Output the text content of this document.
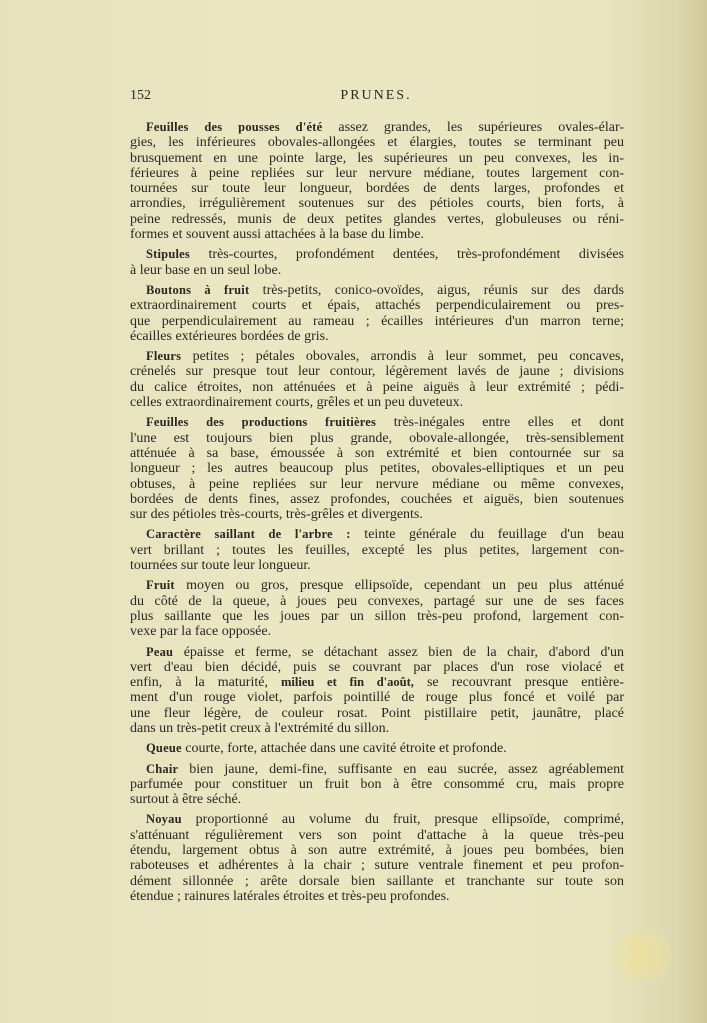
152	PRUNES.
Feuilles des pousses d'été assez grandes, les supérieures ovales-élar-
gies, les inférieures obovales-allongées et élargies, toutes se terminant peu
brusquement en une pointe large, les supérieures un peu convexes, les in-
férieures à peine repliées sur leur nervure médiane, toutes largement con-
tournées sur toute leur longueur, bordées de dents larges, profondes et
arrondies, irrégulièrement soutenues sur des pétioles courts, bien forts, à
peine redressés, munis de deux petites glandes vertes, globuleuses ou réni-
formes et souvent aussi attachées à la base du limbe.
Stipules très-courtes, profondément dentées, très-profondément divisées
à leur base en un seul lobe.
Boutons à fruit très-petits, conico-ovoïdes, aigus, réunis sur des dards
extraordinairement courts et épais, attachés perpendiculairement ou pres-
que perpendiculairement au rameau ; écailles intérieures d'un marron terne;
écailles extérieures bordées de gris.
Fleurs petites ; pétales obovales, arrondis à leur sommet, peu concaves,
crénelés sur presque tout leur contour, légèrement lavés de jaune ; divisions
du calice étroites, non atténuées et à peine aiguës à leur extrémité ; pédi-
celles extraordinairement courts, grêles et un peu duveteux.
Feuilles des productions fruitières très-inégales entre elles et dont
l'une est toujours bien plus grande, obovale-allongée, très-sensiblement
atténuée à sa base, émoussée à son extrémité et bien contournée sur sa
longueur ; les autres beaucoup plus petites, obovales-elliptiques et un peu
obtuses, à peine repliées sur leur nervure médiane ou même convexes,
bordées de dents fines, assez profondes, couchées et aiguës, bien soutenues
sur des pétioles très-courts, très-grêles et divergents.
Caractère saillant de l'arbre : teinte générale du feuillage d'un beau
vert brillant ; toutes les feuilles, excepté les plus petites, largement con-
tournées sur toute leur longueur.
Fruit moyen ou gros, presque ellipsoïde, cependant un peu plus atténué
du côté de la queue, à joues peu convexes, partagé sur une de ses faces
plus saillante que les joues par un sillon très-peu profond, largement con-
vexe par la face opposée.
Peau épaisse et ferme, se détachant assez bien de la chair, d'abord d'un
vert d'eau bien décidé, puis se couvrant par places d'un rose violacé et
enfin, à la maturité, milieu et fin d'août, se recouvrant presque entière-
ment d'un rouge violet, parfois pointillé de rouge plus foncé et voilé par
une fleur légère, de couleur rosat. Point pistillaire petit, jaunâtre, placé
dans un très-petit creux à l'extrémité du sillon.
Queue courte, forte, attachée dans une cavité étroite et profonde.
Chair bien jaune, demi-fine, suffisante en eau sucrée, assez agréablement
parfumée pour constituer un fruit bon à être consommé cru, mais propre
surtout à être séché.
Noyau proportionné au volume du fruit, presque ellipsoïde, comprimé,
s'atténuant régulièrement vers son point d'attache à la queue très-peu
étendu, largement obtus à son autre extrémité, à joues peu bombées, bien
raboteuses et adhérentes à la chair ; suture ventrale finement et peu profon-
dément sillonnée ; arête dorsale bien saillante et tranchante sur toute son
étendue ; rainures latérales étroites et très-peu profondes.
